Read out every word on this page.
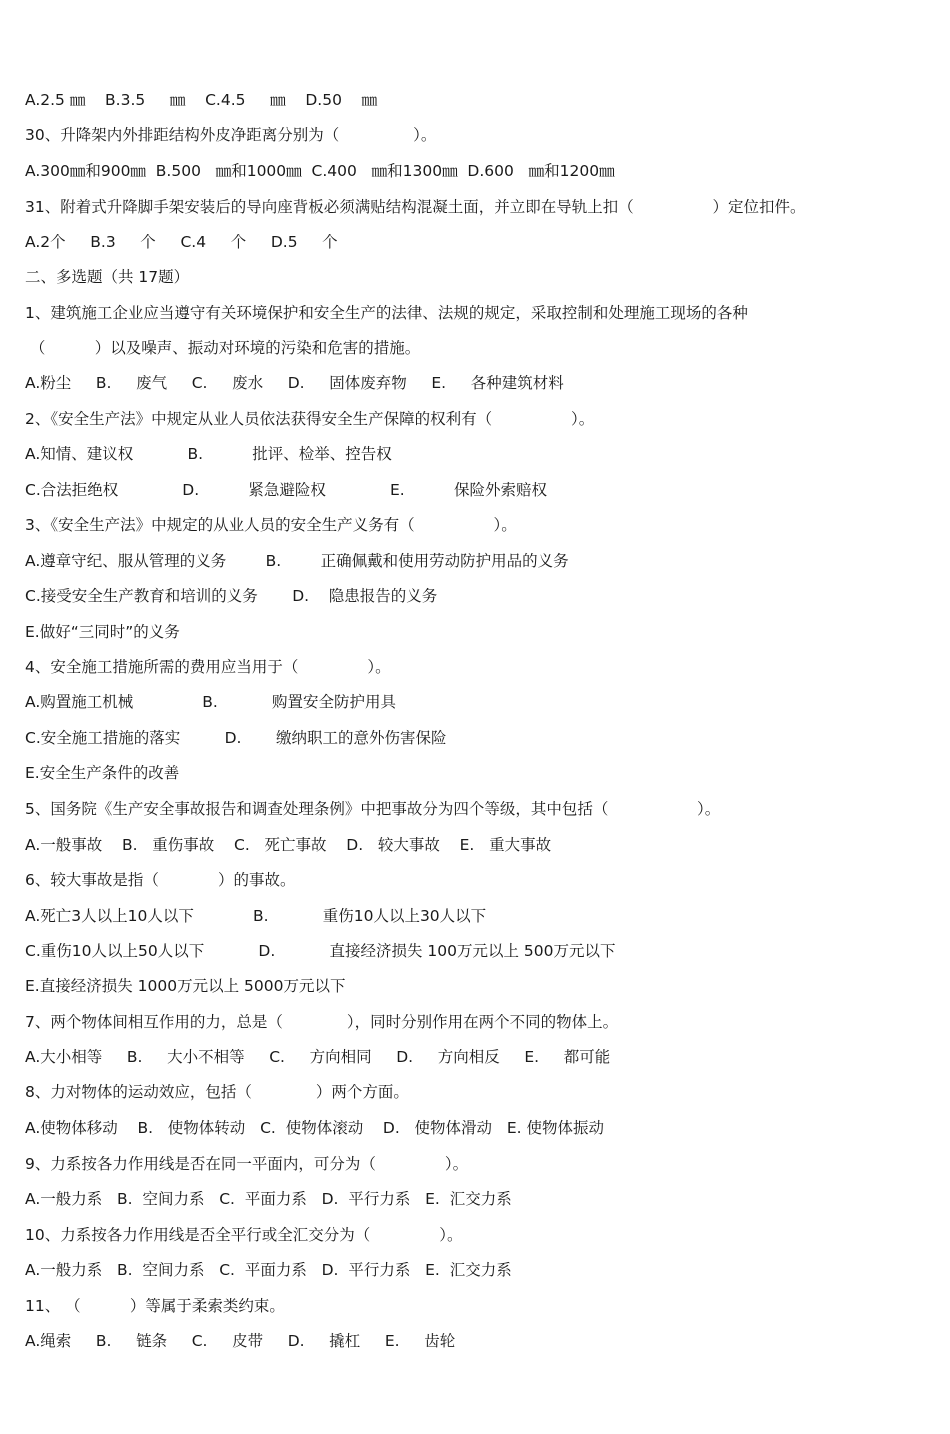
A.2.5 ㎜    B.3.5     ㎜    C.4.5     ㎜    D.50    ㎜
30、升降架内外排距结构外皮净距离分别为（               ）。
A.300㎜和900㎜  B.500   ㎜和1000㎜  C.400   ㎜和1300㎜  D.600   ㎜和1200㎜
31、附着式升降脚手架安装后的导向座背板必须满贴结构混凝土面，并立即在导轨上扣（                ）定位扣件。
A.2个     B.3     个     C.4     个     D.5     个
二、多选题（共 17题）
1、建筑施工企业应当遵守有关环境保护和安全生产的法律、法规的规定，采取控制和处理施工现场的各种
（          ）以及噪声、振动对环境的污染和危害的措施。
A.粉尘     B.     废气     C.     废水     D.     固体废弃物     E.     各种建筑材料
2、《安全生产法》中规定从业人员依法获得安全生产保障的权利有（                ）。
A.知情、建议权           B.          批评、检举、控告权
C.合法拒绝权             D.          紧急避险权             E.          保险外索赔权
3、《安全生产法》中规定的从业人员的安全生产义务有（                ）。
A.遵章守纪、服从管理的义务        B.        正确佩戴和使用劳动防护用品的义务
C.接受安全生产教育和培训的义务       D.    隐患报告的义务
E.做好“三同时”的义务
4、安全施工措施所需的费用应当用于（              ）。
A.购置施工机械              B.           购置安全防护用具
C.安全施工措施的落实         D.       缴纳职工的意外伤害保险
E.安全生产条件的改善
5、国务院《生产安全事故报告和调查处理条例》中把事故分为四个等级，其中包括（                  ）。
A.一般事故    B.   重伤事故    C.   死亡事故    D.   较大事故    E.   重大事故
6、较大事故是指（            ）的事故。
A.死亡3人以上10人以下            B.           重伤10人以上30人以下
C.重伤10人以上50人以下           D.           直接经济损失 100万元以上 500万元以下
E.直接经济损失 1000万元以上 5000万元以下
7、两个物体间相互作用的力，总是（             ），同时分别作用在两个不同的物体上。
A.大小相等     B.     大小不相等     C.     方向相同     D.     方向相反     E.     都可能
8、力对物体的运动效应，包括（             ）两个方面。
A.使物体移动    B.   使物体转动   C.  使物体滚动    D.   使物体滑动   E. 使物体振动
9、力系按各力作用线是否在同一平面内，可分为（              ）。
A.一般力系   B.  空间力系   C.  平面力系   D.  平行力系   E.  汇交力系
10、力系按各力作用线是否全平行或全汇交分为（              ）。
A.一般力系   B.  空间力系   C.  平面力系   D.  平行力系   E.  汇交力系
11、 （          ）等属于柔索类约束。
A.绳索     B.     链条     C.     皮带     D.     撬杠     E.     齿轮
